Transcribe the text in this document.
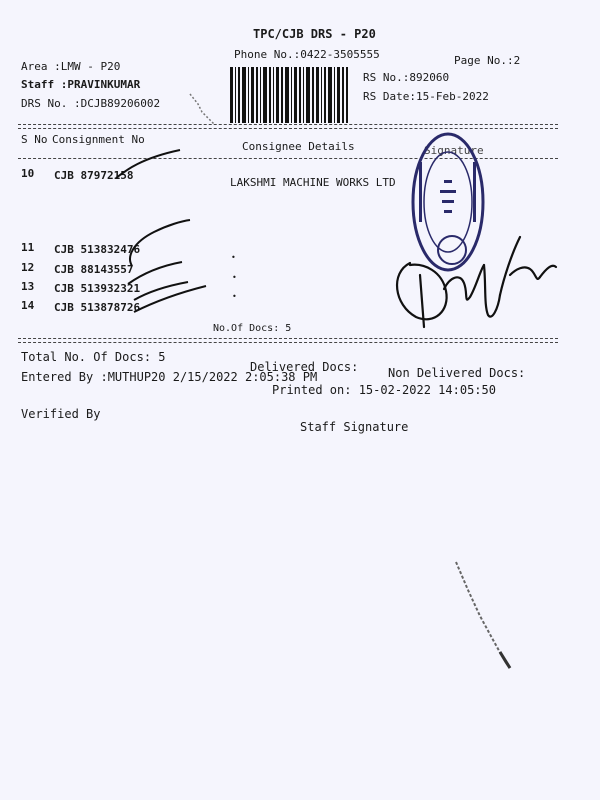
TPC/CJB DRS - P20
Phone No.:0422-3505555	Page No.:2
Area :LMW - P20
Staff :PRAVINKUMAR
DRS No. :DCJB89206002
RS No.:892060
RS Date:15-Feb-2022
S No Consignment No
Consignee Details	Signature
10 CJB 87972158
LAKSHMI MACHINE WORKS LTD
11 CJB 513832476
12 CJB 88143557
13 CJB 513932321
14 CJB 513878726
•
•
•
No.Of Docs: 5
Total No. Of Docs: 5
Delivered Docs: Non Delivered Docs:
Entered By :MUTHUP20 2/15/2022 2:05:38 PM
Printed on: 15-02-2022 14:05:50
Verified By
Staff Signature
